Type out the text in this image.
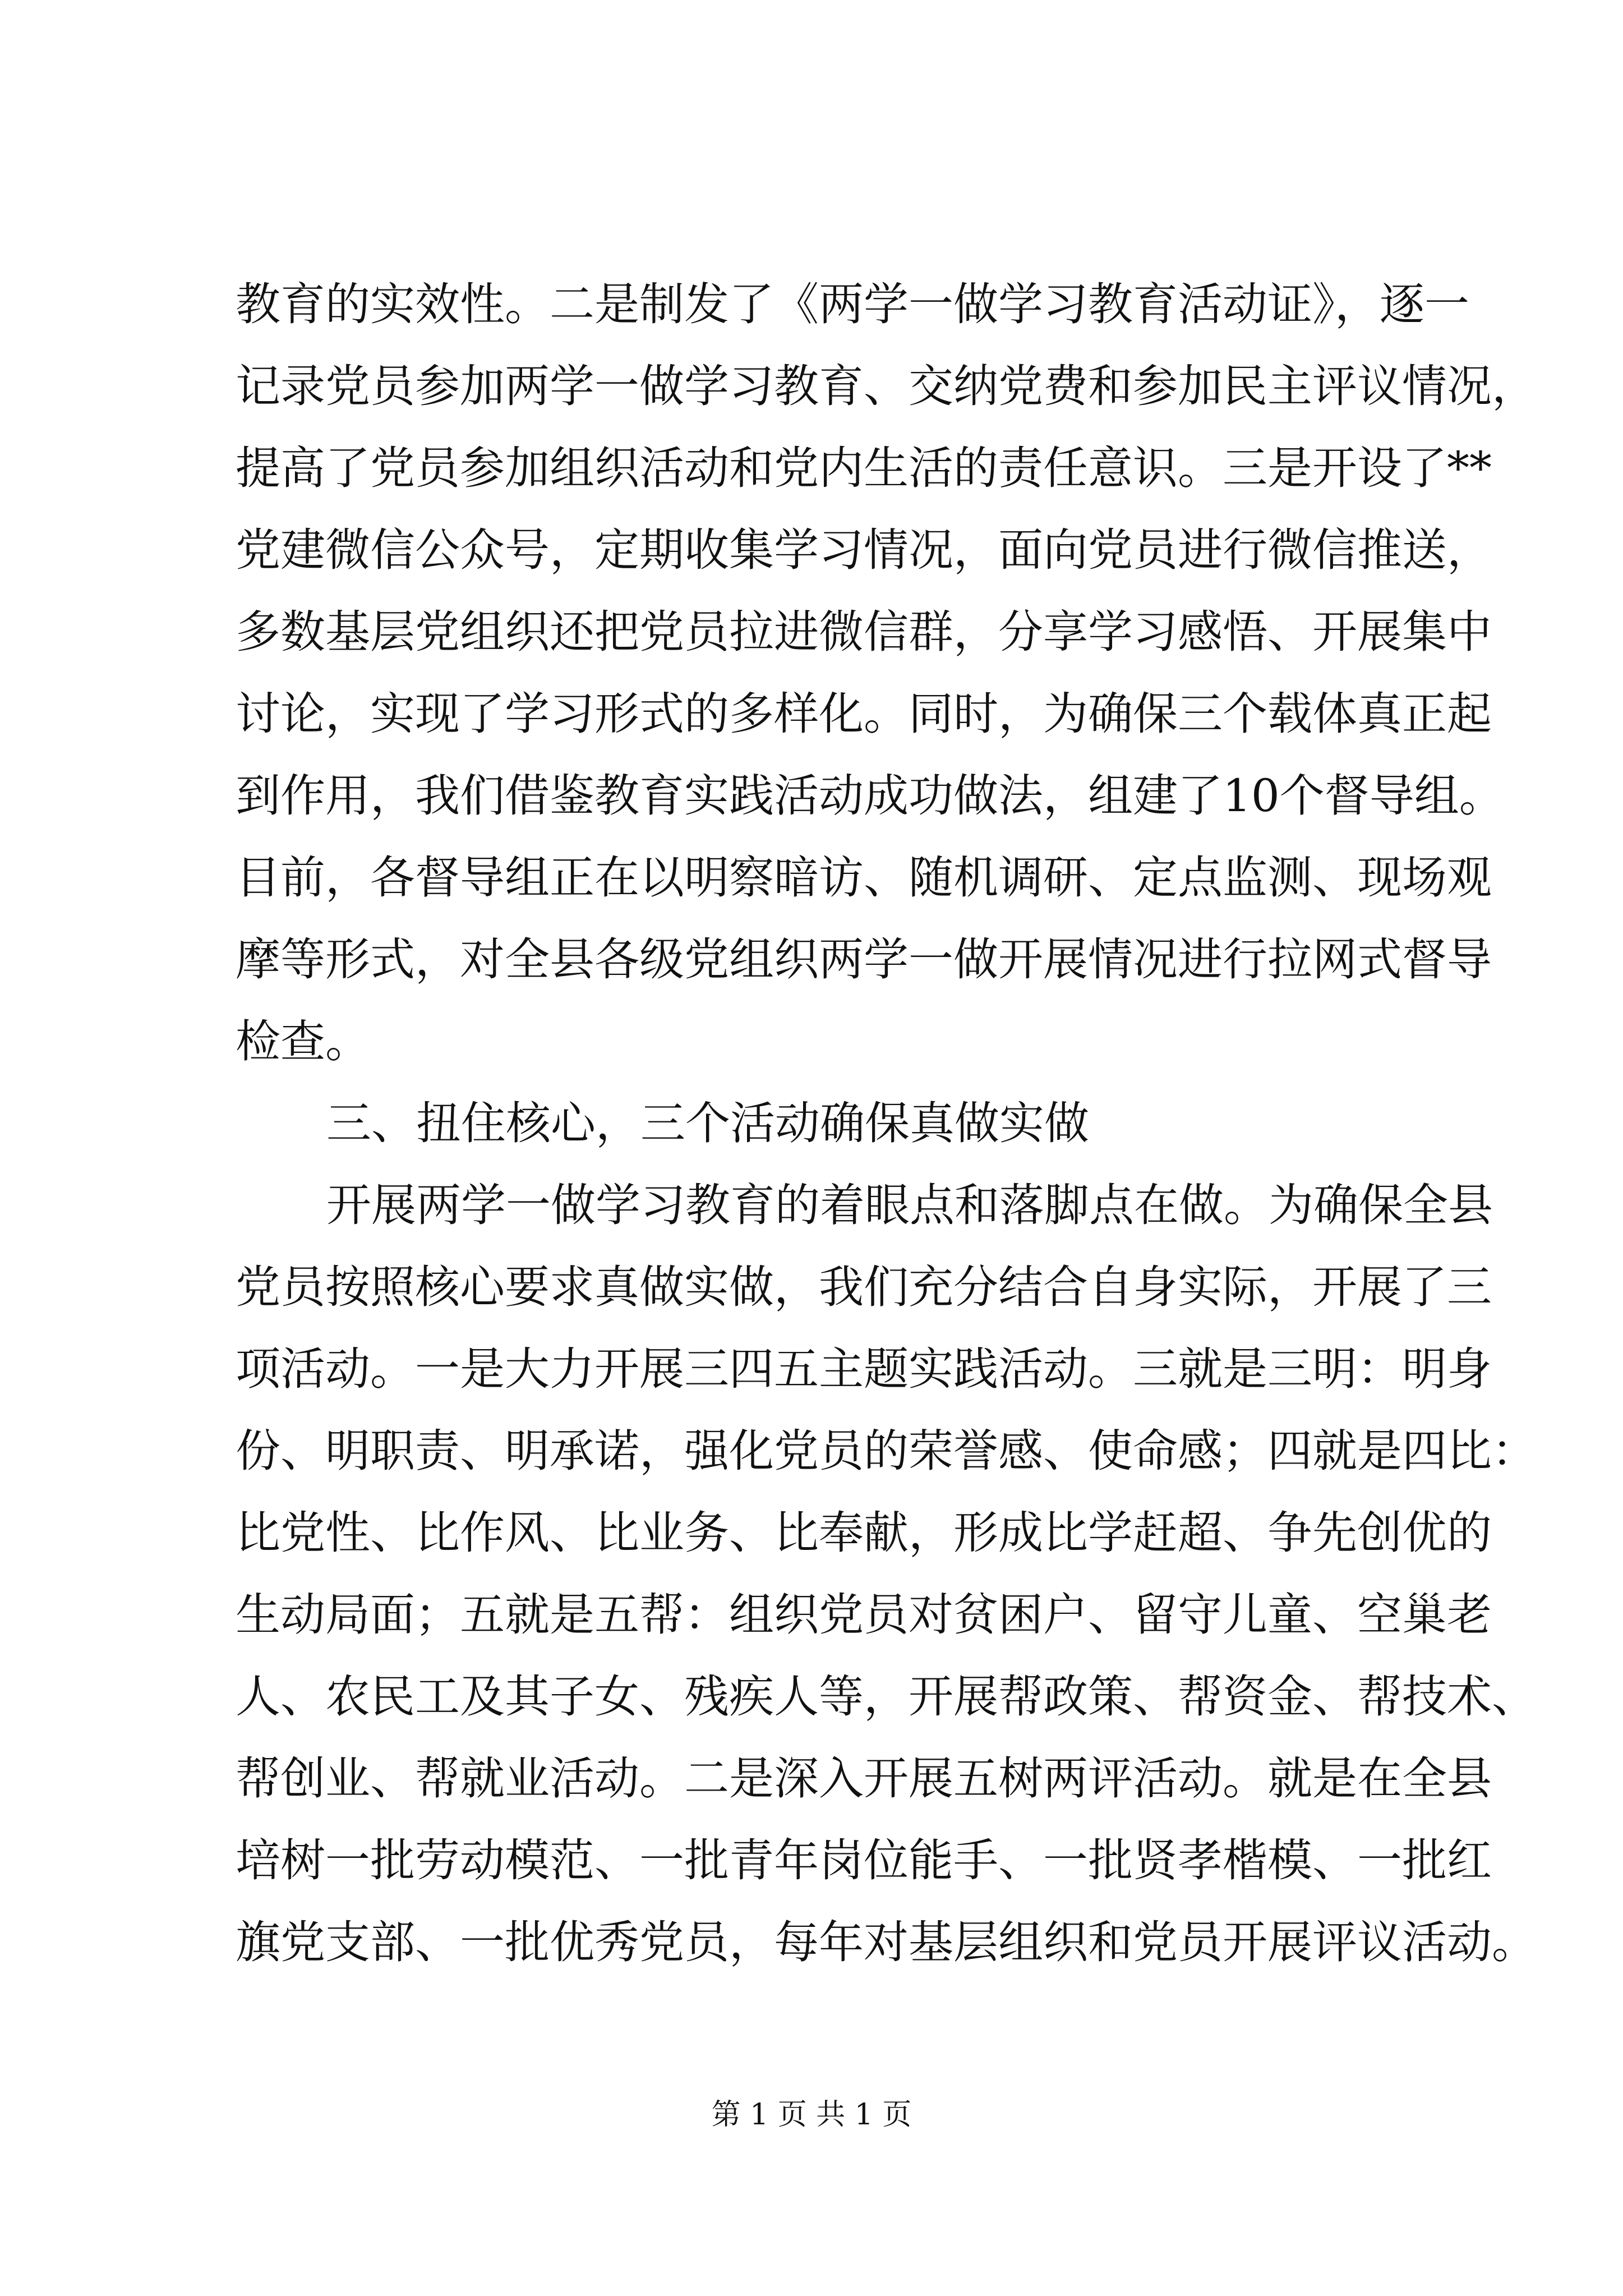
教育的实效性。二是制发了《两学一做学习教育活动证》，逐一
记录党员参加两学一做学习教育、交纳党费和参加民主评议情况，
提高了党员参加组织活动和党内生活的责任意识。三是开设了**
党建微信公众号，定期收集学习情况，面向党员进行微信推送，
多数基层党组织还把党员拉进微信群，分享学习感悟、开展集中
讨论，实现了学习形式的多样化。同时，为确保三个载体真正起
到作用，我们借鉴教育实践活动成功做法，组建了10个督导组。
目前，各督导组正在以明察暗访、随机调研、定点监测、现场观
摩等形式，对全县各级党组织两学一做开展情况进行拉网式督导
检查。
三、扭住核心，三个活动确保真做实做
开展两学一做学习教育的着眼点和落脚点在做。为确保全县
党员按照核心要求真做实做，我们充分结合自身实际，开展了三
项活动。一是大力开展三四五主题实践活动。三就是三明：明身
份、明职责、明承诺，强化党员的荣誉感、使命感；四就是四比：
比党性、比作风、比业务、比奉献，形成比学赶超、争先创优的
生动局面；五就是五帮：组织党员对贫困户、留守儿童、空巢老
人、农民工及其子女、残疾人等，开展帮政策、帮资金、帮技术、
帮创业、帮就业活动。二是深入开展五树两评活动。就是在全县
培树一批劳动模范、一批青年岗位能手、一批贤孝楷模、一批红
旗党支部、一批优秀党员，每年对基层组织和党员开展评议活动。
第 1 页 共 1 页
